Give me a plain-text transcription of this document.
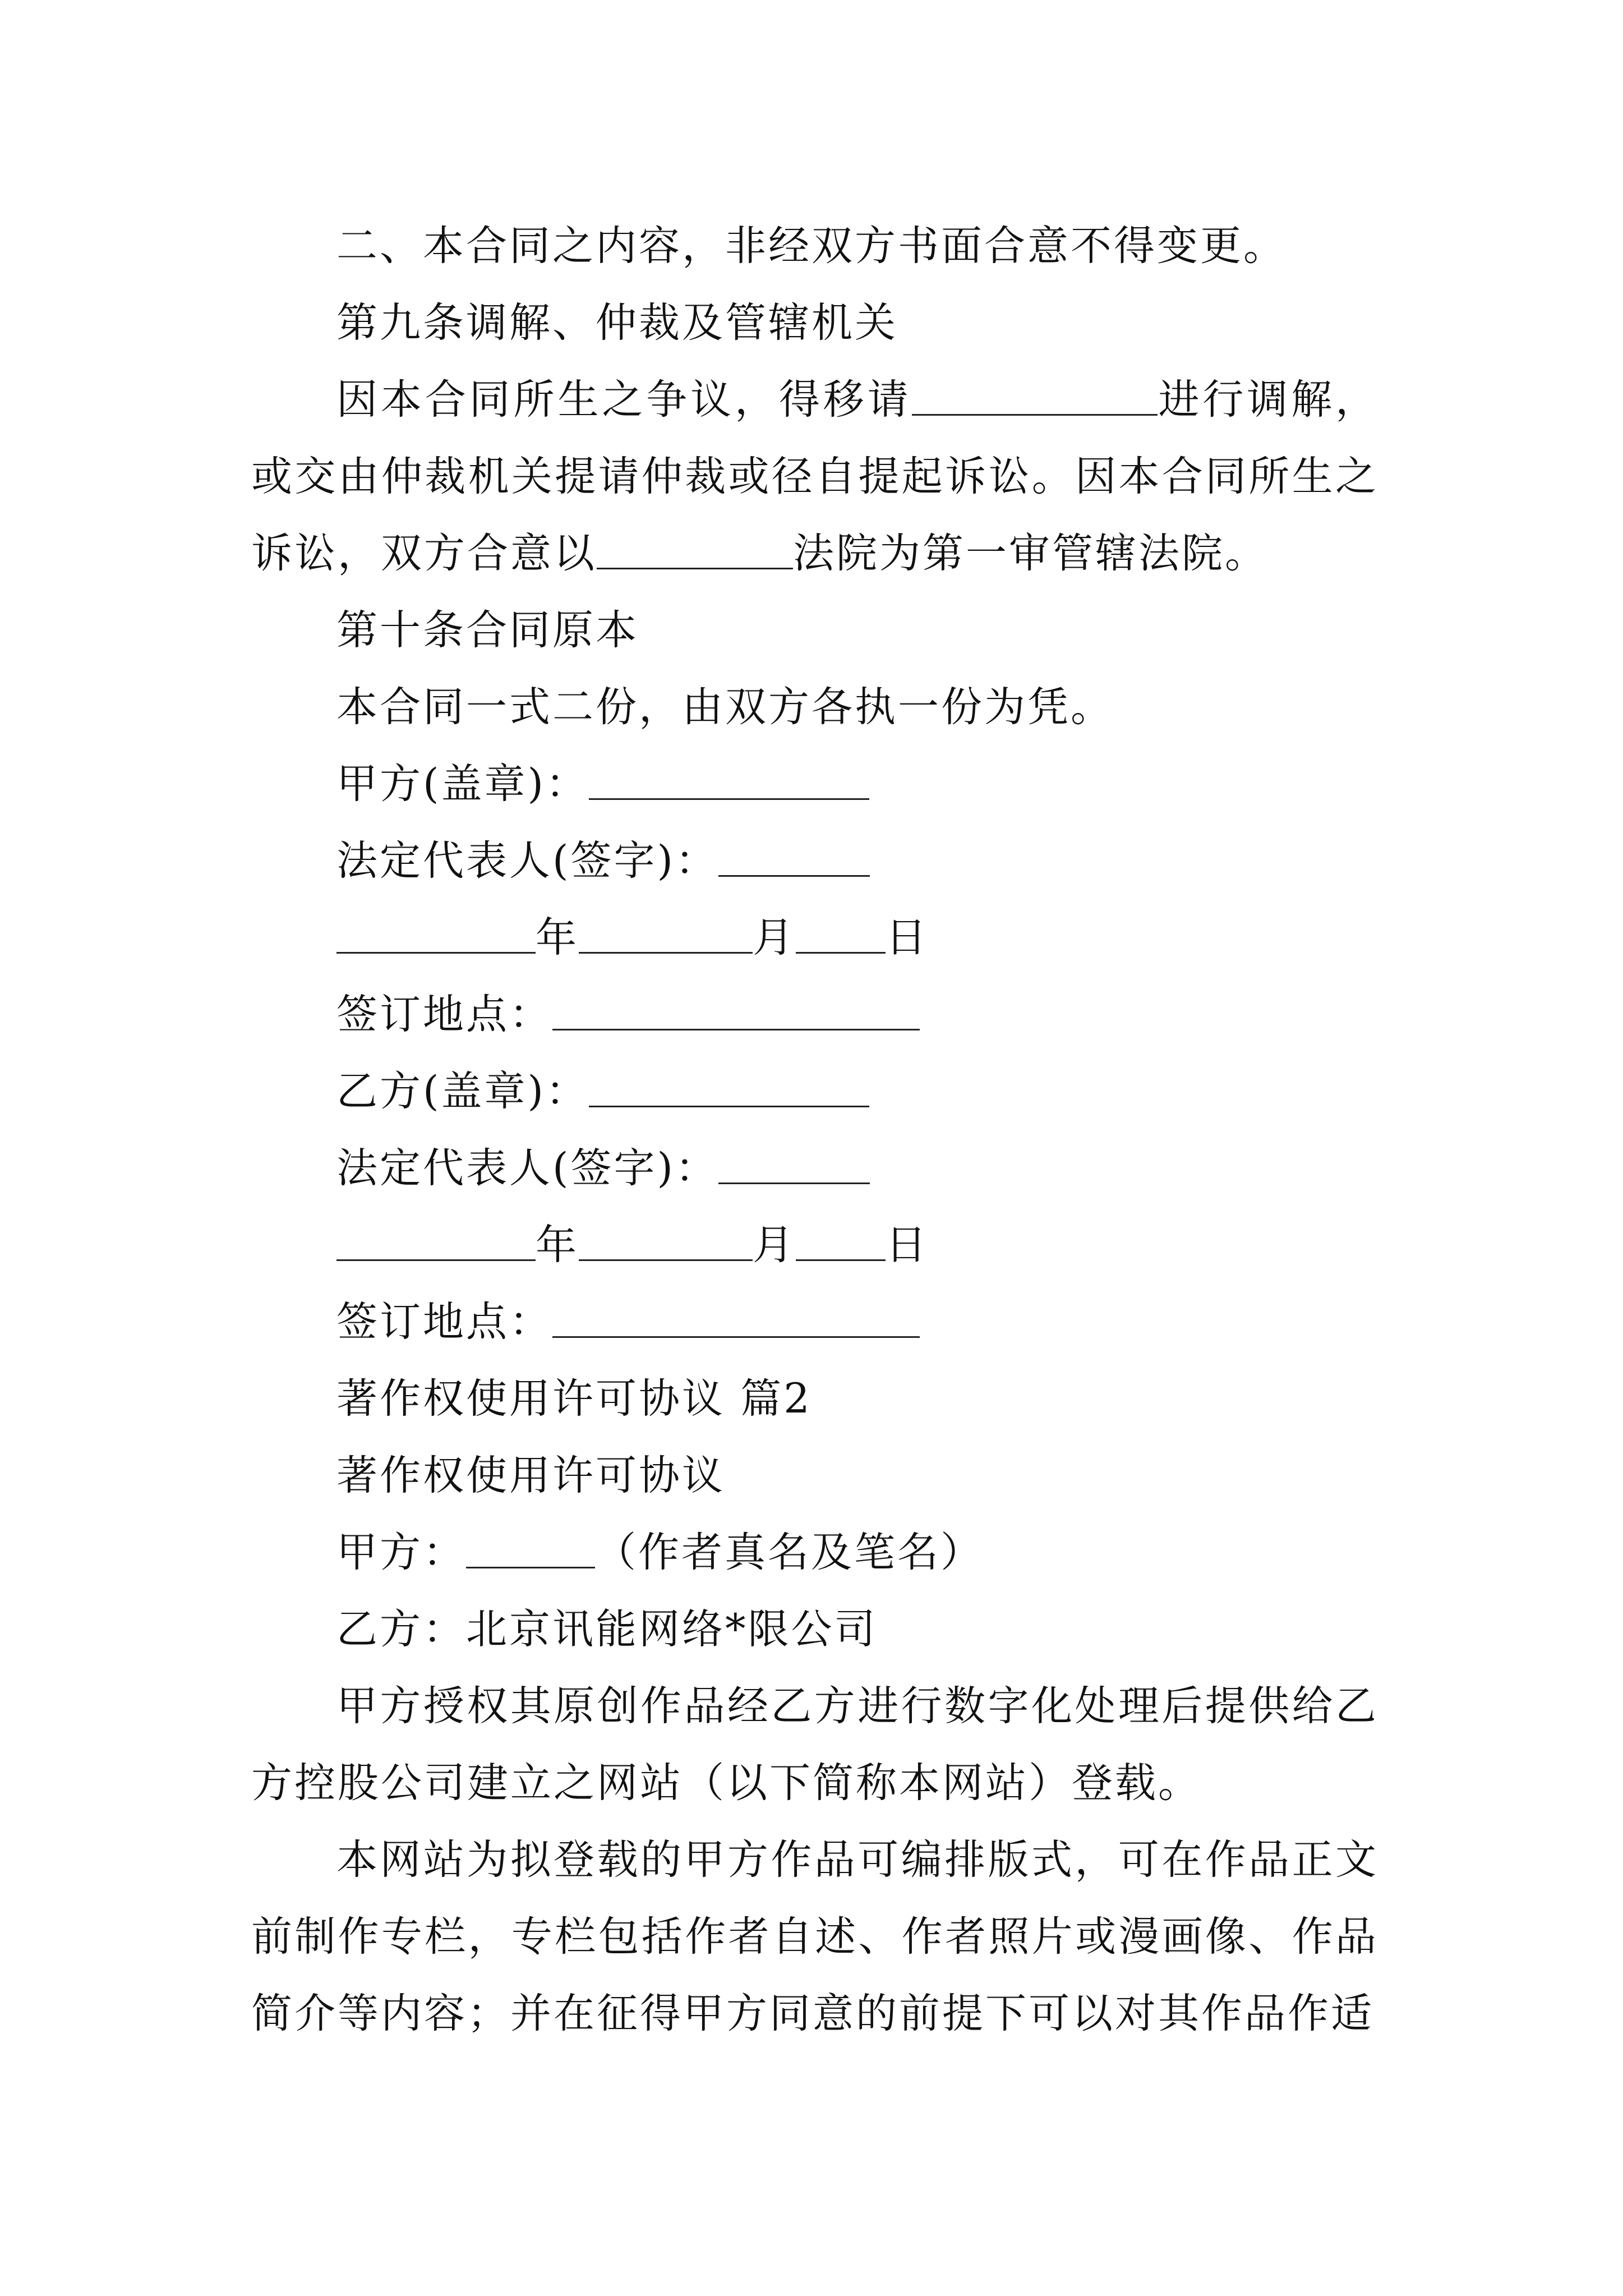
二、本合同之内容，非经双方书面合意不得变更。
第九条调解、仲裁及管辖机关
因本合同所生之争议，得移请	进行调解，或交由仲裁机关提请仲裁或径自提起诉讼。因本合同所生之诉讼，双方合意以	法院为第一审管辖法院。
第十条合同原本
本合同一式二份，由双方各执一份为凭。
甲方(盖章)：
法定代表人(签字)：
年	月 日
签订地点：
乙方(盖章)：
法定代表人(签字)：
年	月 日
签订地点：
著作权使用许可协议 篇2
著作权使用许可协议
甲方：	（作者真名及笔名）
乙方：北京讯能网络*限公司
甲方授权其原创作品经乙方进行数字化处理后提供给乙方控股公司建立之网站（以下简称本网站）登载。
本网站为拟登载的甲方作品可编排版式，可在作品正文前制作专栏，专栏包括作者自述、作者照片或漫画像、作品简介等内容；并在征得甲方同意的前提下可以对其作品作适
